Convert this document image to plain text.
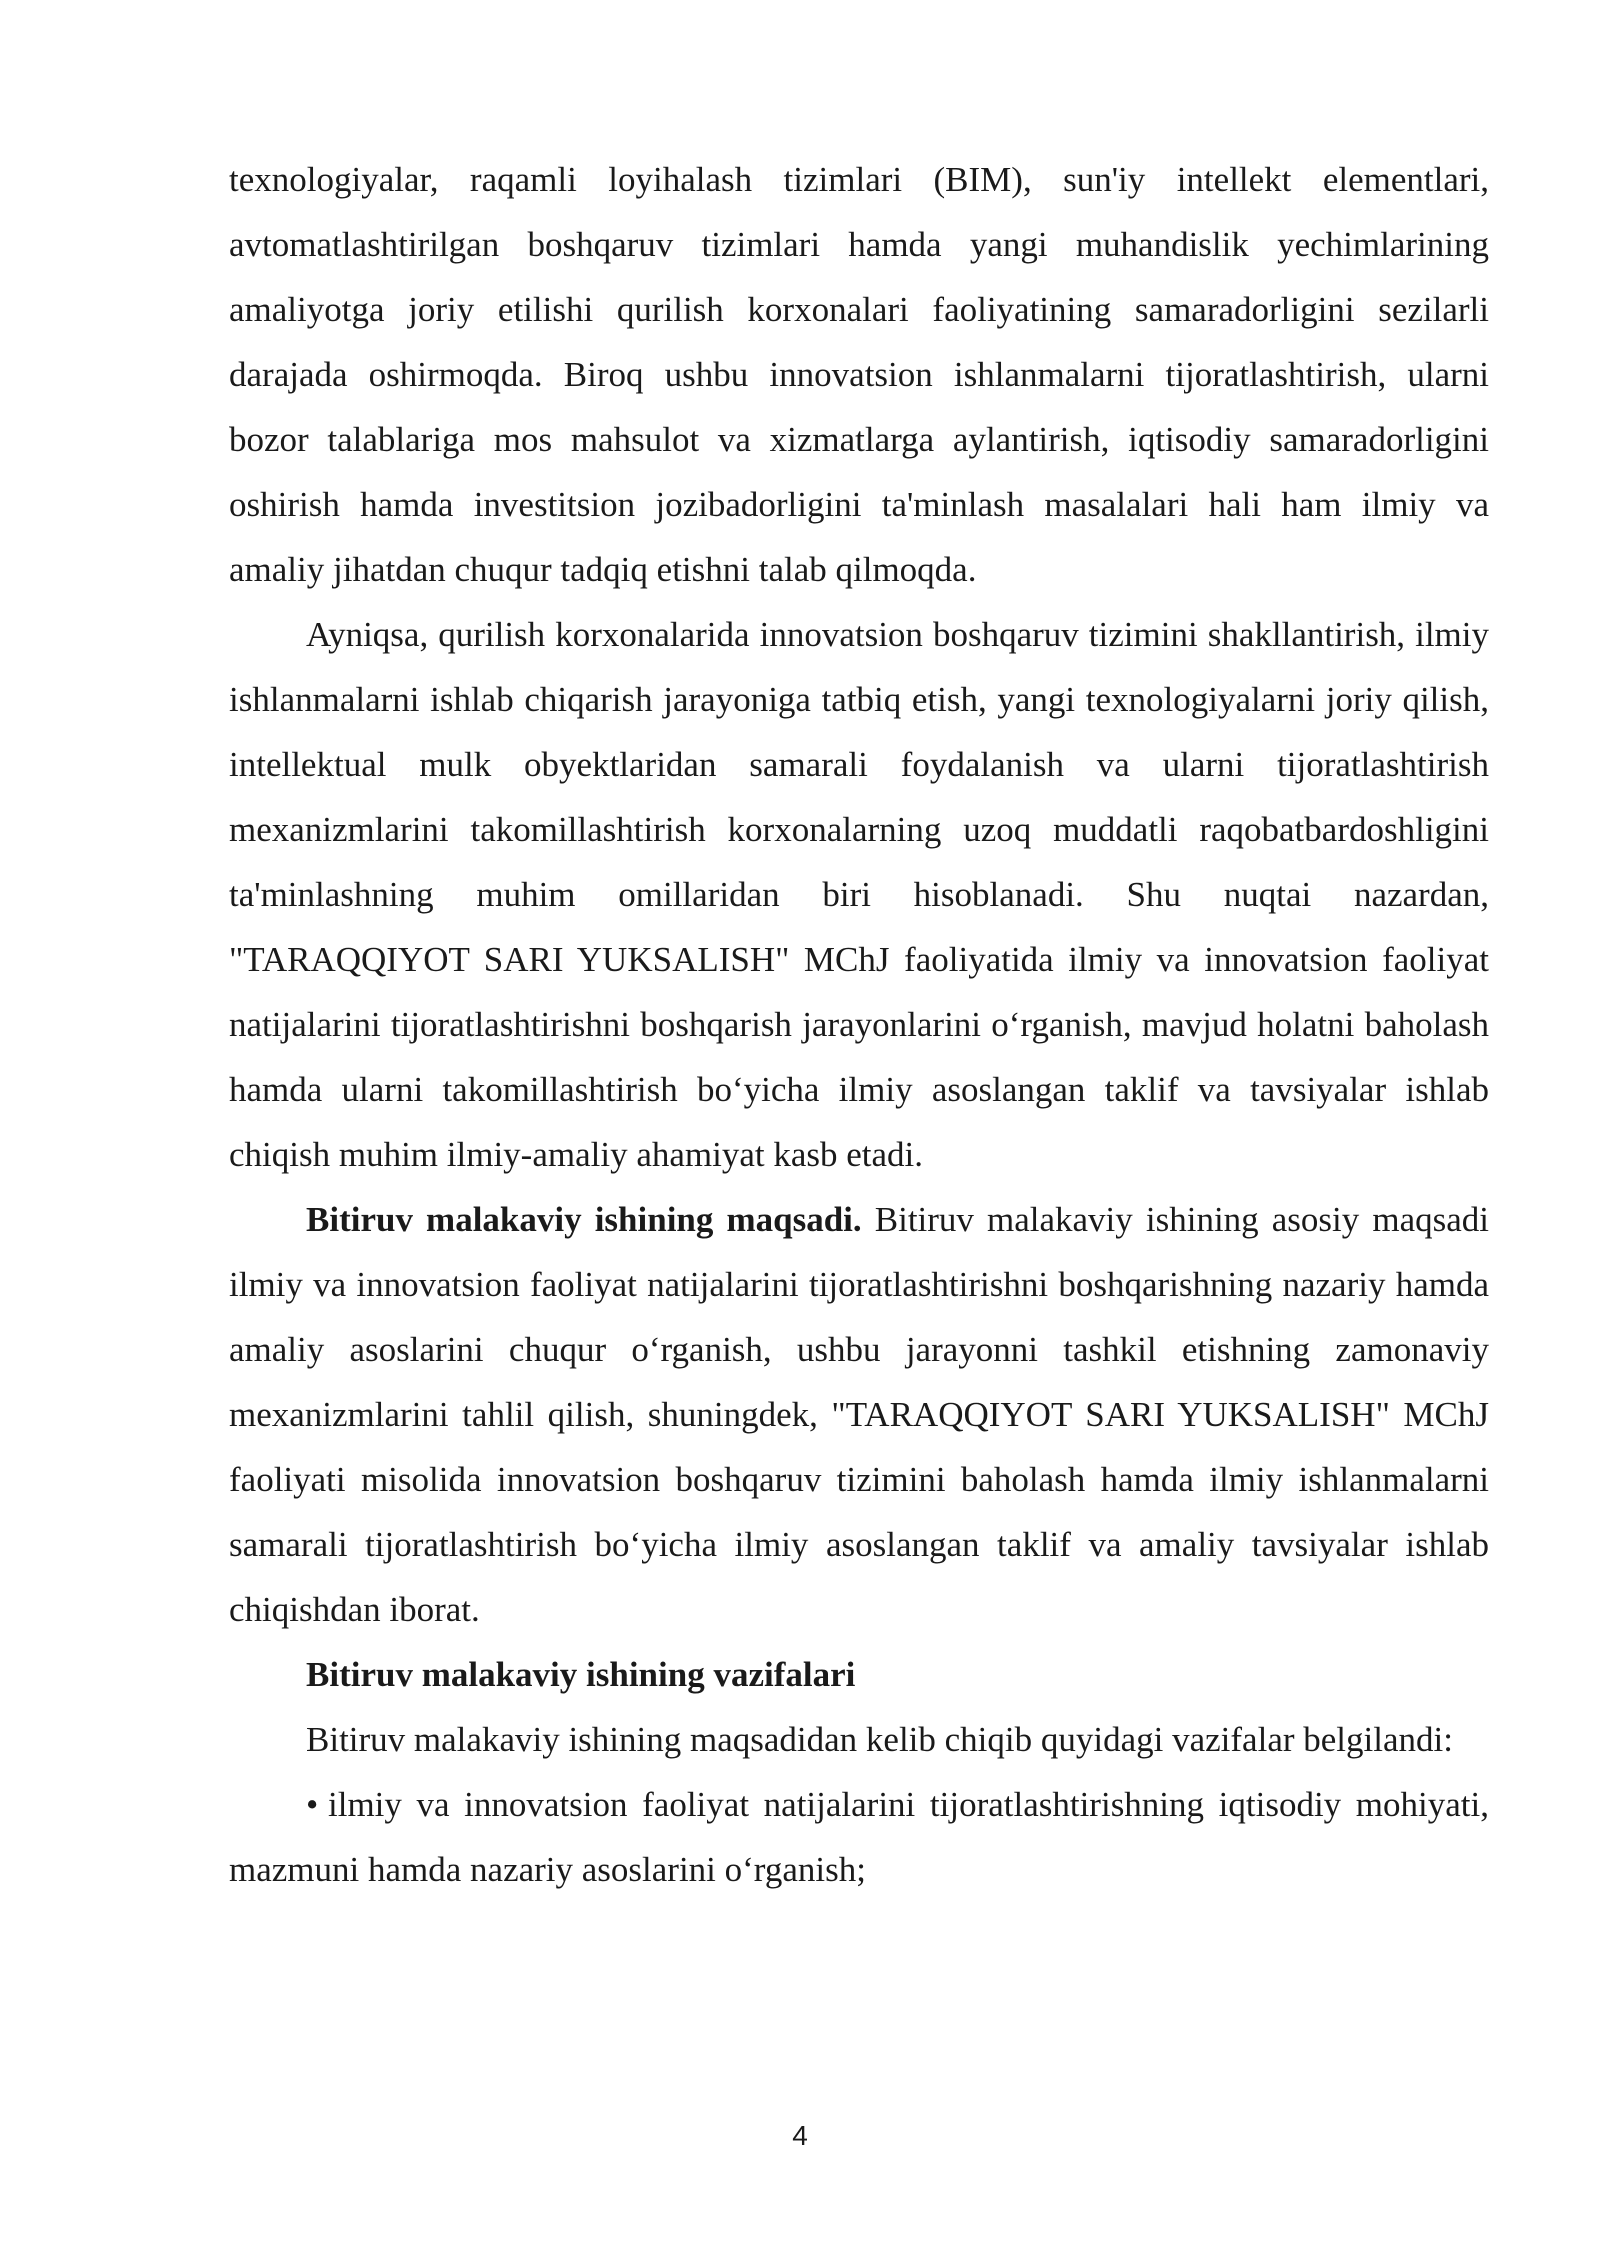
texnologiyalar, raqamli loyihalash tizimlari (BIM), sun'iy intellekt elementlari, avtomatlashtirilgan boshqaruv tizimlari hamda yangi muhandislik yechimlarining amaliyotga joriy etilishi qurilish korxonalari faoliyatining samaradorligini sezilarli darajada oshirmoqda. Biroq ushbu innovatsion ishlanmalarni tijoratlashtirish, ularni bozor talablariga mos mahsulot va xizmatlarga aylantirish, iqtisodiy samaradorligini oshirish hamda investitsion jozibadorligini ta'minlash masalalari hali ham ilmiy va amaliy jihatdan chuqur tadqiq etishni talab qilmoqda.

Ayniqsa, qurilish korxonalarida innovatsion boshqaruv tizimini shakllantirish, ilmiy ishlanmalarni ishlab chiqarish jarayoniga tatbiq etish, yangi texnologiyalarni joriy qilish, intellektual mulk obyektlaridan samarali foydalanish va ularni tijoratlashtirish mexanizmlarini takomillashtirish korxonalarning uzoq muddatli raqobatbardoshligini ta'minlashning muhim omillaridan biri hisoblanadi. Shu nuqtai nazardan, "TARAQQIYOT SARI YUKSALISH" MChJ faoliyatida ilmiy va innovatsion faoliyat natijalarini tijoratlashtirishni boshqarish jarayonlarini o‘rganish, mavjud holatni baholash hamda ularni takomillashtirish bo‘yicha ilmiy asoslangan taklif va tavsiyalar ishlab chiqish muhim ilmiy-amaliy ahamiyat kasb etadi.

Bitiruv malakaviy ishining maqsadi. Bitiruv malakaviy ishining asosiy maqsadi ilmiy va innovatsion faoliyat natijalarini tijoratlashtirishni boshqarishning nazariy hamda amaliy asoslarini chuqur o‘rganish, ushbu jarayonni tashkil etishning zamonaviy mexanizmlarini tahlil qilish, shuningdek, "TARAQQIYOT SARI YUKSALISH" MChJ faoliyati misolida innovatsion boshqaruv tizimini baholash hamda ilmiy ishlanmalarni samarali tijoratlashtirish bo‘yicha ilmiy asoslangan taklif va amaliy tavsiyalar ishlab chiqishdan iborat.

Bitiruv malakaviy ishining vazifalari

Bitiruv malakaviy ishining maqsadidan kelib chiqib quyidagi vazifalar belgilandi:

• ilmiy va innovatsion faoliyat natijalarini tijoratlashtirishning iqtisodiy mohiyati, mazmuni hamda nazariy asoslarini o‘rganish;

4
